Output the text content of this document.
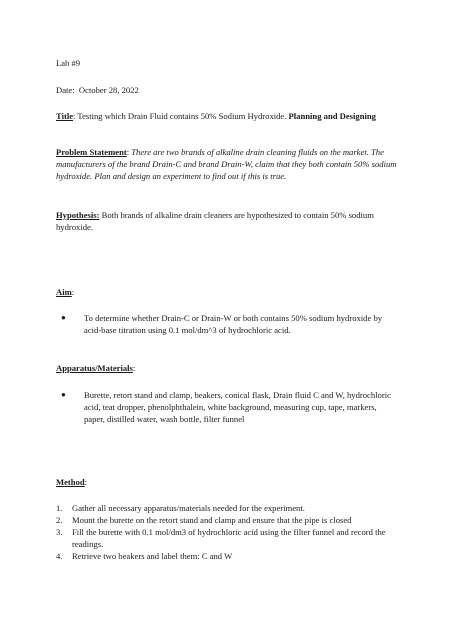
Lab #9
Date: October 28, 2022
Title: Testing which Drain Fluid contains 50% Sodium Hydroxide. Planning and Designing
Problem Statement: There are two brands of alkaline drain cleaning fluids on the market. The manufacturers of the brand Drain-C and brand Drain-W, claim that they both contain 50% sodium hydroxide. Plan and design an experiment to find out if this is true.
Hypothesis: Both brands of alkaline drain cleaners are hypothesized to contain 50% sodium hydroxide.
Aim:
● To determine whether Drain-C or Drain-W or both contains 50% sodium hydroxide by acid-base titration using 0.1 mol/dm^3 of hydrochloric acid.
Apparatus/Materials:
● Burette, retort stand and clamp, beakers, conical flask, Drain fluid C and W, hydrochloric acid, teat dropper, phenolphthalein, white background, measuring cup, tape, markers, paper, distilled water, wash bottle, filter funnel
Method:
1. Gather all necessary apparatus/materials needed for the experiment.
2. Mount the burette on the retort stand and clamp and ensure that the pipe is closed
3. Fill the burette with 0.1 mol/dm3 of hydrochloric acid using the filter funnel and record the readings.
4. Retrieve two beakers and label them: C and W
